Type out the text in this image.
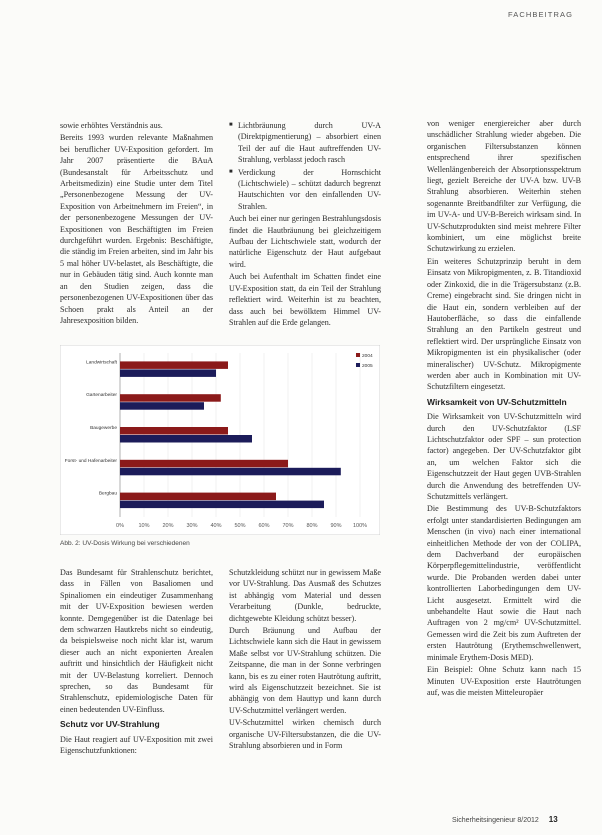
FACHBEITRAG

sowie erhöhtes Verständnis aus.

Bereits 1993 wurden relevante Maßnahmen bei beruflicher UV-Exposition gefordert. Im Jahr 2007 präsentierte die BAuA (Bundesanstalt für Arbeitsschutz und Arbeitsmedizin) eine Studie unter dem Titel „Personenbezogene Messung der UV-Exposition von Arbeitnehmern im Freien“, in der personenbezogene Messungen der UV-Expositionen von Beschäftigten im Freien durchgeführt wurden. Ergebnis: Beschäftigte, die ständig im Freien arbeiten, sind im Jahr bis 5 mal höher UV-belastet, als Beschäftigte, die nur in Gebäuden tätig sind. Auch konnte man an den Studien zeigen, dass die personenbezogenen UV-Expositionen über das Schoen prakt als Anteil an der Jahresexposition bilden.

■ Lichtbräunung durch UV-A (Direktpigmentierung) – absorbiert einen Teil der auf die Haut auftreffenden UV-Strahlung, verblasst jedoch rasch
■ Verdickung der Hornschicht (Lichtschwiele) – schützt dadurch begrenzt Hautschichten vor den einfallenden UV-Strahlen.

Auch bei einer nur geringen Bestrahlungsdosis findet die Hautbräunung bei gleichzeitigem Aufbau der Lichtschwiele statt, wodurch der natürliche Eigenschutz der Haut aufgebaut wird.

Auch bei Aufenthalt im Schatten findet eine UV-Exposition statt, da ein Teil der Strahlung reflektiert wird. Weiterhin ist zu beachten, dass auch bei bewölktem Himmel UV-Strahlen auf die Erde gelangen.

von weniger energiereicher aber durch unschädlicher Strahlung wieder abgeben. Die organischen Filtersubstanzen können entsprechend ihrer spezifischen Wellenlängenbereich der Absorptionsspektrum liegt, gezielt Bereiche der UV-A bzw. UV-B Strahlung absorbieren. Weiterhin stehen sogenannte Breitbandfilter zur Verfügung, die im UV-A- und UV-B-Bereich wirksam sind. In UV-Schutzprodukten sind meist mehrere Filter kombiniert, um eine möglichst breite Schutzwirkung zu erzielen.

Ein weiteres Schutzprinzip beruht in dem Einsatz von Mikropigmenten, z. B. Titandioxid oder Zinkoxid, die in die Trägersubstanz (z.B. Creme) eingebracht sind. Sie dringen nicht in die Haut ein, sondern verbleiben auf der Hautoberfläche, so dass die einfallende Strahlung an den Partikeln gestreut und reflektiert wird. Der ursprüngliche Einsatz von Mikropigmenten ist ein physikalischer (oder mineralischer) UV-Schutz. Mikropigmente werden aber auch in Kombination mit UV-Schutzfiltern eingesetzt.

Wirksamkeit von UV-Schutzmitteln

Die Wirksamkeit von UV-Schutzmitteln wird durch den UV-Schutzfaktor (LSF Lichtschutzfaktor oder SPF – sun protection factor) angegeben. Der UV-Schutzfaktor gibt an, um welchen Faktor sich die Eigenschutzzeit der Haut gegen UVB-Strahlen durch die Anwendung des betreffenden UV-Schutzmittels verlängert.

Die Bestimmung des UV-B-Schutzfaktors erfolgt unter standardisierten Bedingungen am Menschen (in vivo) nach einer international einheitlichen Methode der von der COLIPA, dem Dachverband der europäischen Körperpflegemittelindustrie, veröffentlicht wurde. Die Probanden werden dabei unter kontrollierten Laborbedingungen dem UV-Licht ausgesetzt. Ermittelt wird die unbehandelte Haut sowie die Haut nach Auftragen von 2 mg/cm² UV-Schutzmittel. Gemessen wird die Zeit bis zum Auftreten der ersten Hautrötung (Erythemschwellenwert, minimale Erythem-Dosis MED).

Ein Beispiel: Ohne Schutz kann nach 15 Minuten UV-Exposition erste Hautrötungen auf, was die meisten Mitteleuropäer

0%	10% 20% 30% 40% 50% 60% 70% 80% 90% 100%
Landwirtschaft
Gartenarbeiter
Baugewerbe
Forst- und Hafenarbeiter
Bergbau
2004
2005
Abb. 2: UV-Dosis Wirkung bei verschiedenen

Das Bundesamt für Strahlenschutz berichtet, dass in Fällen von Basaliomen und Spinaliomen ein eindeutiger Zusammenhang mit der UV-Exposition bewiesen werden konnte. Demgegenüber ist die Datenlage bei dem schwarzen Hautkrebs nicht so eindeutig, da beispielsweise noch nicht klar ist, warum dieser auch an nicht exponierten Arealen auftritt und hinsichtlich der Häufigkeit nicht mit der UV-Belastung korreliert. Dennoch sprechen, so das Bundesamt für Strahlenschutz, epidemiologische Daten für einen bedeutenden UV-Einfluss.

Schutz vor UV-Strahlung

Die Haut reagiert auf UV-Exposition mit zwei Eigenschutzfunktionen:

Schutzkleidung schützt nur in gewissem Maße vor UV-Strahlung. Das Ausmaß des Schutzes ist abhängig vom Material und dessen Verarbeitung (Dunkle, bedruckte, dichtgewebte Kleidung schützt besser).

Durch Bräunung und Aufbau der Lichtschwiele kann sich die Haut in gewissem Maße selbst vor UV-Strahlung schützen. Die Zeitspanne, die man in der Sonne verbringen kann, bis es zu einer roten Hautrötung auftritt, wird als Eigenschutzzeit bezeichnet. Sie ist abhängig von dem Hauttyp und kann durch UV-Schutzmittel verlängert werden.

UV-Schutzmittel wirken chemisch durch organische UV-Filtersubstanzen, die die UV-Strahlung absorbieren und in Form

Sicherheitsingenieur 8/2012 13
